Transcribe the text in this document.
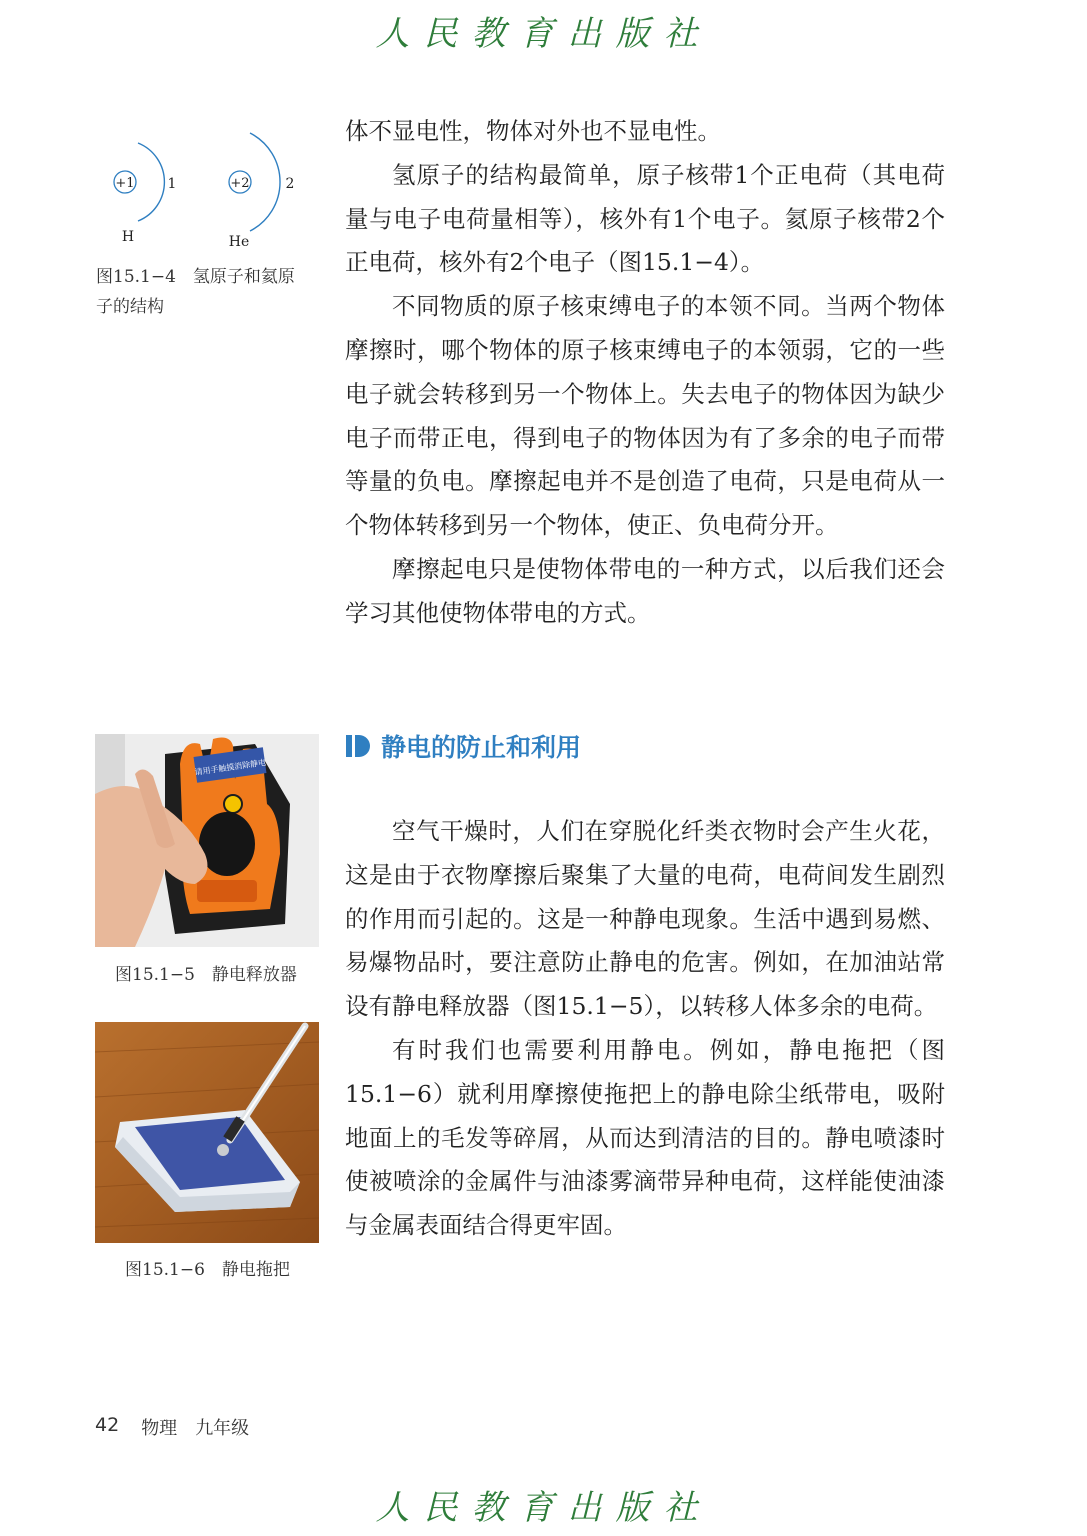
人民教育出版社
+1 1
H
+2	2
He
图15.1−4　氢原子和氦原
子的结构

体不显电性，物体对外也不显电性。

氢原子的结构最简单，原子核带1个正电荷（其电荷量与电子电荷量相等），核外有1个电子。氦原子核带2个正电荷，核外有2个电子（图15.1−4）。

不同物质的原子核束缚电子的本领不同。当两个物体摩擦时，哪个物体的原子核束缚电子的本领弱，它的一些电子就会转移到另一个物体上。失去电子的物体因为缺少电子而带正电，得到电子的物体因为有了多余的电子而带等量的负电。摩擦起电并不是创造了电荷，只是电荷从一个物体转移到另一个物体，使正、负电荷分开。

摩擦起电只是使物体带电的一种方式，以后我们还会学习其他使物体带电的方式。

静电的防止和利用
请用手触摸消除静电
图15.1−5　静电释放器
图15.1−6　静电拖把

空气干燥时，人们在穿脱化纤类衣物时会产生火花，这是由于衣物摩擦后聚集了大量的电荷，电荷间发生剧烈的作用而引起的。这是一种静电现象。生活中遇到易燃、易爆物品时，要注意防止静电的危害。例如，在加油站常设有静电释放器（图15.1−5），以转移人体多余的电荷。

有时我们也需要利用静电。例如，静电拖把（图15.1−6）就利用摩擦使拖把上的静电除尘纸带电，吸附地面上的毛发等碎屑，从而达到清洁的目的。静电喷漆时使被喷涂的金属件与油漆雾滴带异种电荷，这样能使油漆与金属表面结合得更牢固。

42 物理 九年级
人民教育出版社
